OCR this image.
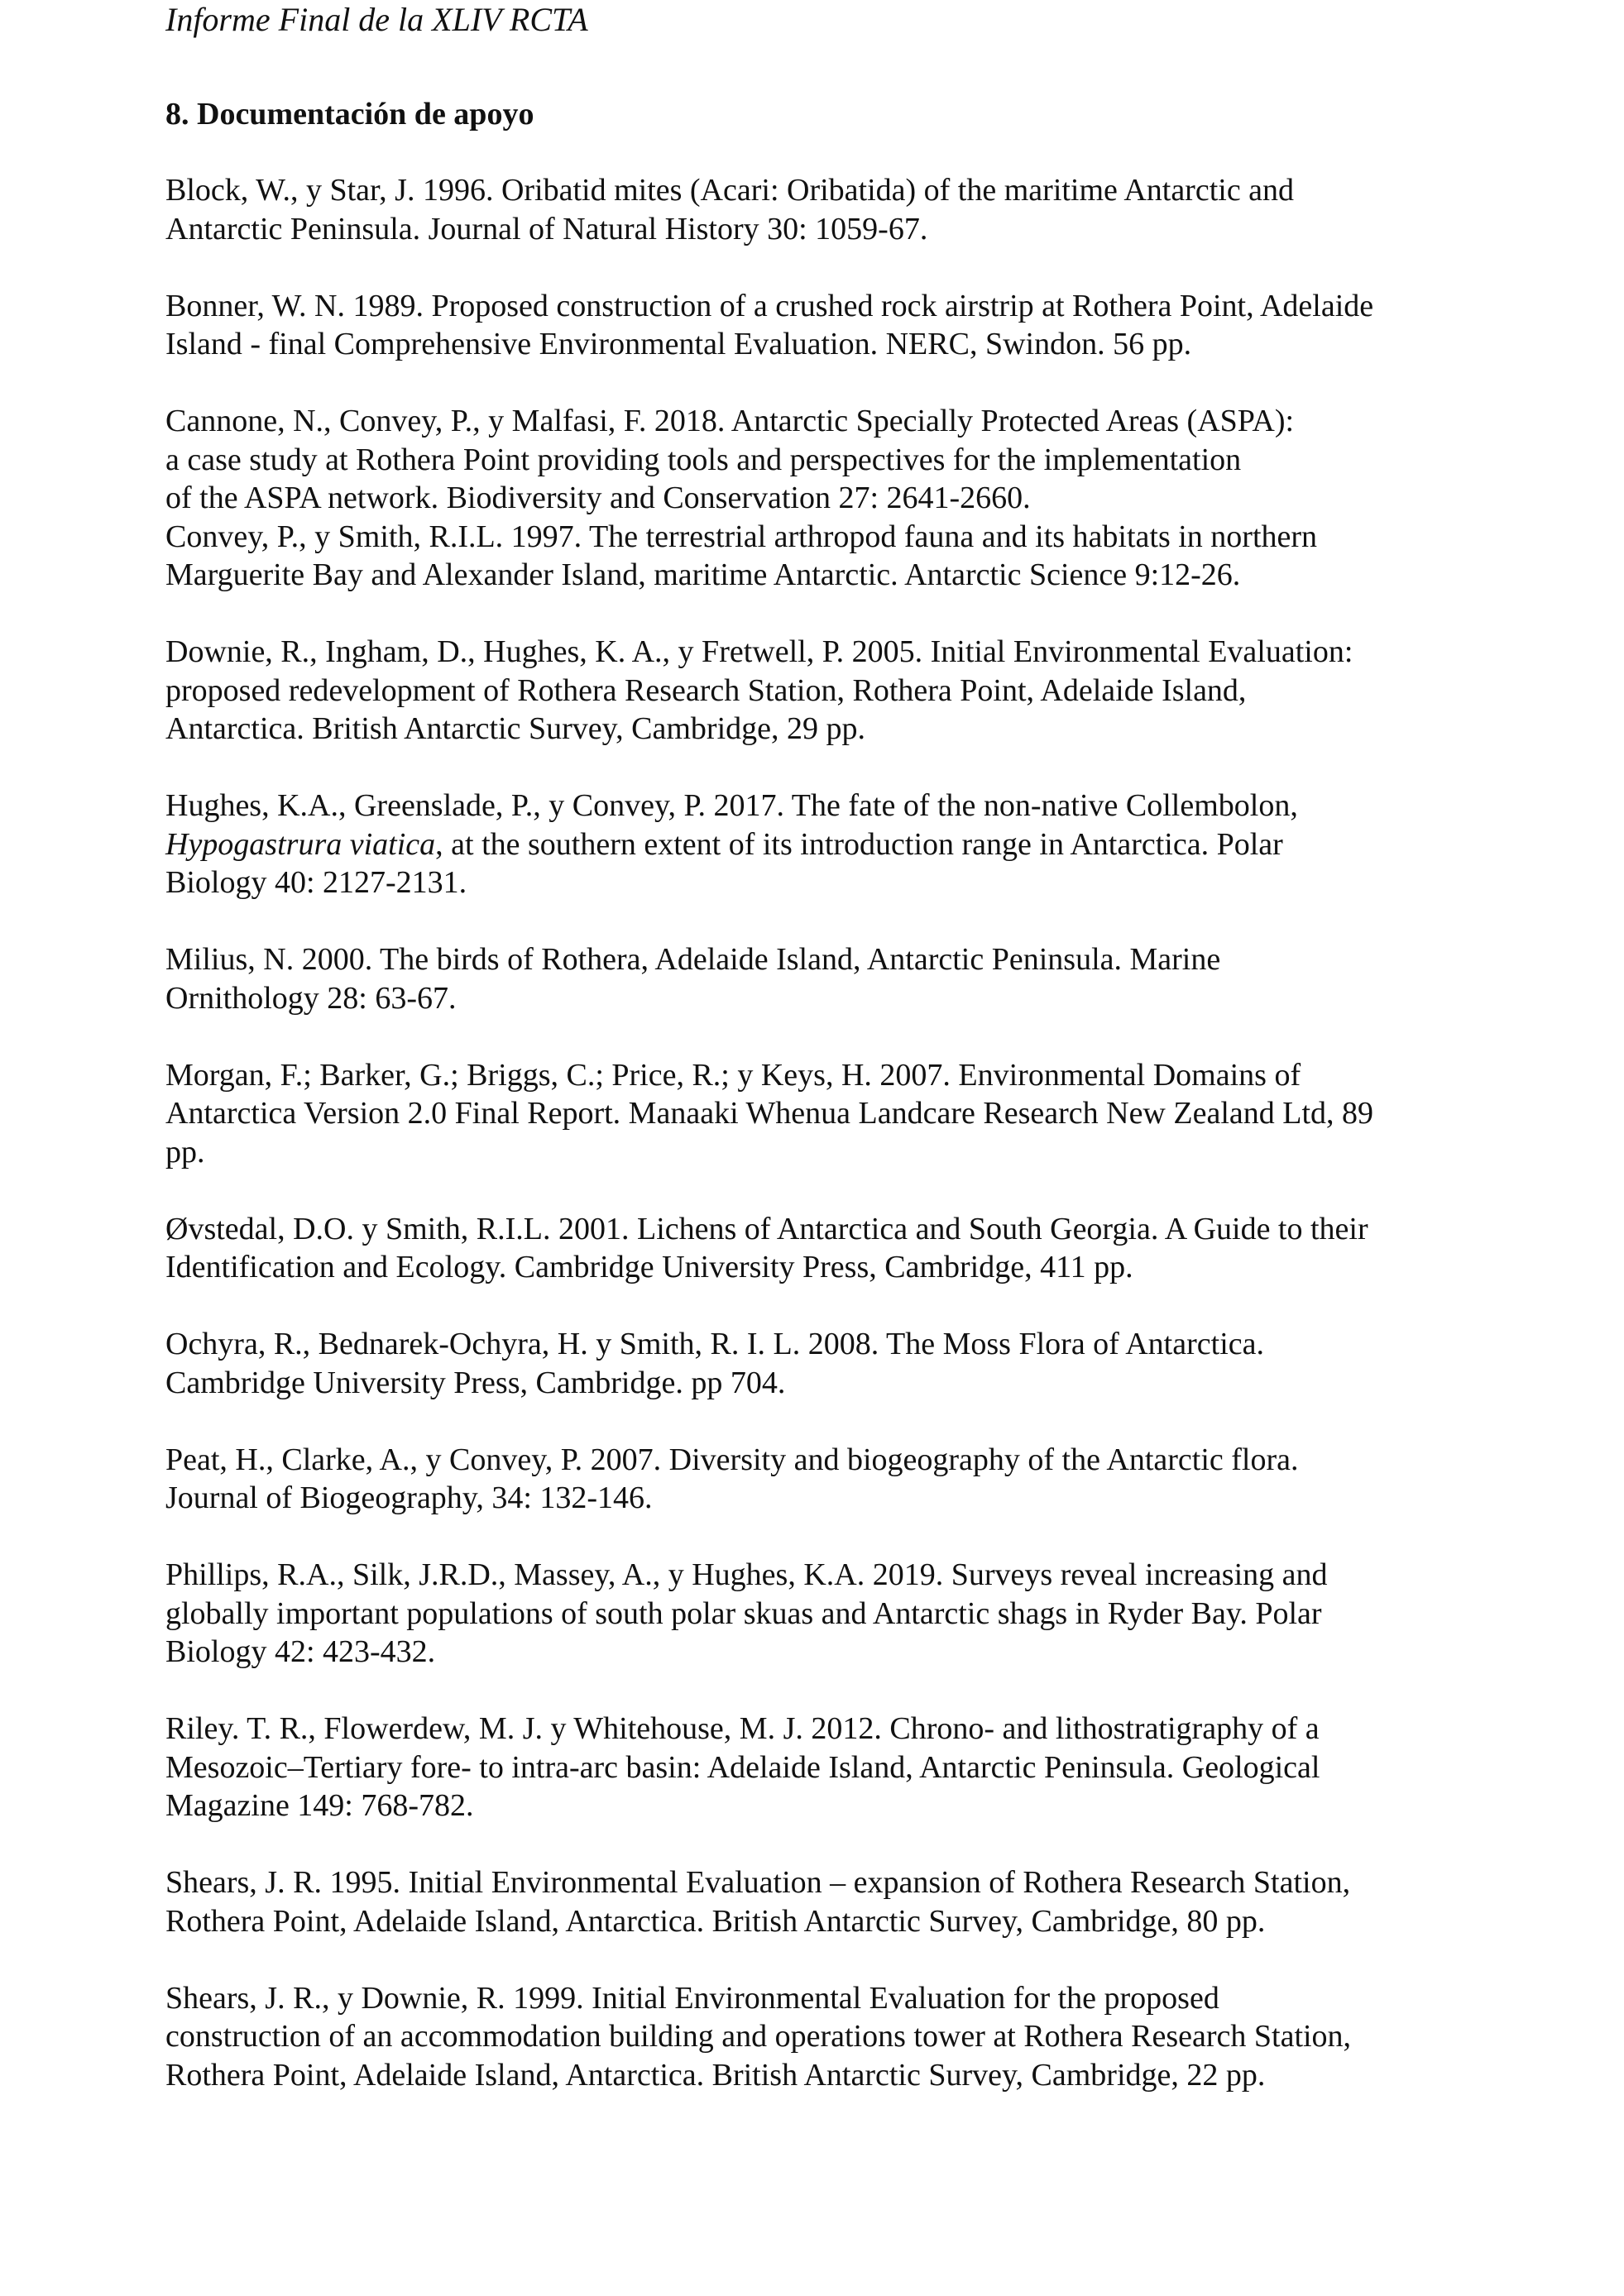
Informe Final de la XLIV RCTA

8. Documentación de apoyo
Block, W., y Star, J. 1996. Oribatid mites (Acari: Oribatida) of the maritime Antarctic and
Antarctic Peninsula. Journal of Natural History 30: 1059-67.
Bonner, W. N. 1989. Proposed construction of a crushed rock airstrip at Rothera Point, Adelaide
Island - final Comprehensive Environmental Evaluation. NERC, Swindon. 56 pp.
Cannone, N., Convey, P., y Malfasi, F. 2018. Antarctic Specially Protected Areas (ASPA):
a case study at Rothera Point providing tools and perspectives for the implementation
of the ASPA network. Biodiversity and Conservation 27: 2641-2660.
Convey, P., y Smith, R.I.L. 1997. The terrestrial arthropod fauna and its habitats in northern
Marguerite Bay and Alexander Island, maritime Antarctic. Antarctic Science 9:12-26.
Downie, R., Ingham, D., Hughes, K. A., y Fretwell, P. 2005. Initial Environmental Evaluation:
proposed redevelopment of Rothera Research Station, Rothera Point, Adelaide Island,
Antarctica. British Antarctic Survey, Cambridge, 29 pp.
Hughes, K.A., Greenslade, P., y Convey, P. 2017. The fate of the non-native Collembolon,
Hypogastrura viatica, at the southern extent of its introduction range in Antarctica. Polar
Biology 40: 2127-2131.
Milius, N. 2000. The birds of Rothera, Adelaide Island, Antarctic Peninsula. Marine
Ornithology 28: 63-67.
Morgan, F.; Barker, G.; Briggs, C.; Price, R.; y Keys, H. 2007. Environmental Domains of
Antarctica Version 2.0 Final Report. Manaaki Whenua Landcare Research New Zealand Ltd, 89
pp.
Øvstedal, D.O. y Smith, R.I.L. 2001. Lichens of Antarctica and South Georgia. A Guide to their
Identification and Ecology. Cambridge University Press, Cambridge, 411 pp.
Ochyra, R., Bednarek-Ochyra, H. y Smith, R. I. L. 2008. The Moss Flora of Antarctica.
Cambridge University Press, Cambridge. pp 704.
Peat, H., Clarke, A., y Convey, P. 2007. Diversity and biogeography of the Antarctic flora.
Journal of Biogeography, 34: 132-146.
Phillips, R.A., Silk, J.R.D., Massey, A., y Hughes, K.A. 2019. Surveys reveal increasing and
globally important populations of south polar skuas and Antarctic shags in Ryder Bay. Polar
Biology 42: 423-432.
Riley. T. R., Flowerdew, M. J. y Whitehouse, M. J. 2012. Chrono- and lithostratigraphy of a
Mesozoic–Tertiary fore- to intra-arc basin: Adelaide Island, Antarctic Peninsula. Geological
Magazine 149: 768-782.
Shears, J. R. 1995. Initial Environmental Evaluation – expansion of Rothera Research Station,
Rothera Point, Adelaide Island, Antarctica. British Antarctic Survey, Cambridge, 80 pp.
Shears, J. R., y Downie, R. 1999. Initial Environmental Evaluation for the proposed
construction of an accommodation building and operations tower at Rothera Research Station,
Rothera Point, Adelaide Island, Antarctica. British Antarctic Survey, Cambridge, 22 pp.
